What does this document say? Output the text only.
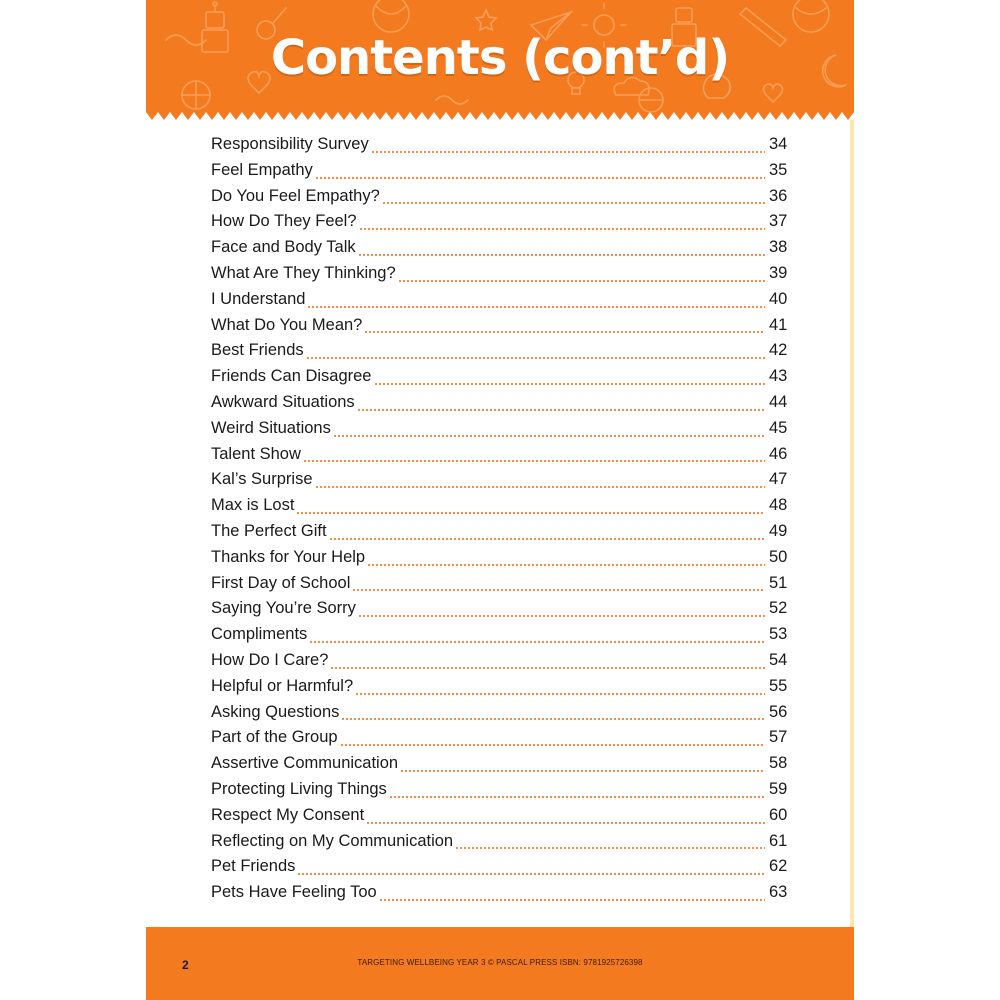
Contents (cont’d)
Responsibility Survey	34
Feel Empathy	35
Do You Feel Empathy?	36
How Do They Feel?	37
Face and Body Talk	38
What Are They Thinking?	39
I Understand	40
What Do You Mean?	41
Best Friends	42
Friends Can Disagree	43
Awkward Situations	44
Weird Situations	45
Talent Show	46
Kal’s Surprise	47
Max is Lost	48
The Perfect Gift	49
Thanks for Your Help	50
First Day of School	51
Saying You’re Sorry	52
Compliments	53
How Do I Care?	54
Helpful or Harmful?	55
Asking Questions	56
Part of the Group	57
Assertive Communication	58
Protecting Living Things	59
Respect My Consent	60
Reflecting on My Communication	61
Pet Friends	62
Pets Have Feeling Too	63
2	TARGETING WELLBEING YEAR 3 © PASCAL PRESS ISBN: 9781925726398
